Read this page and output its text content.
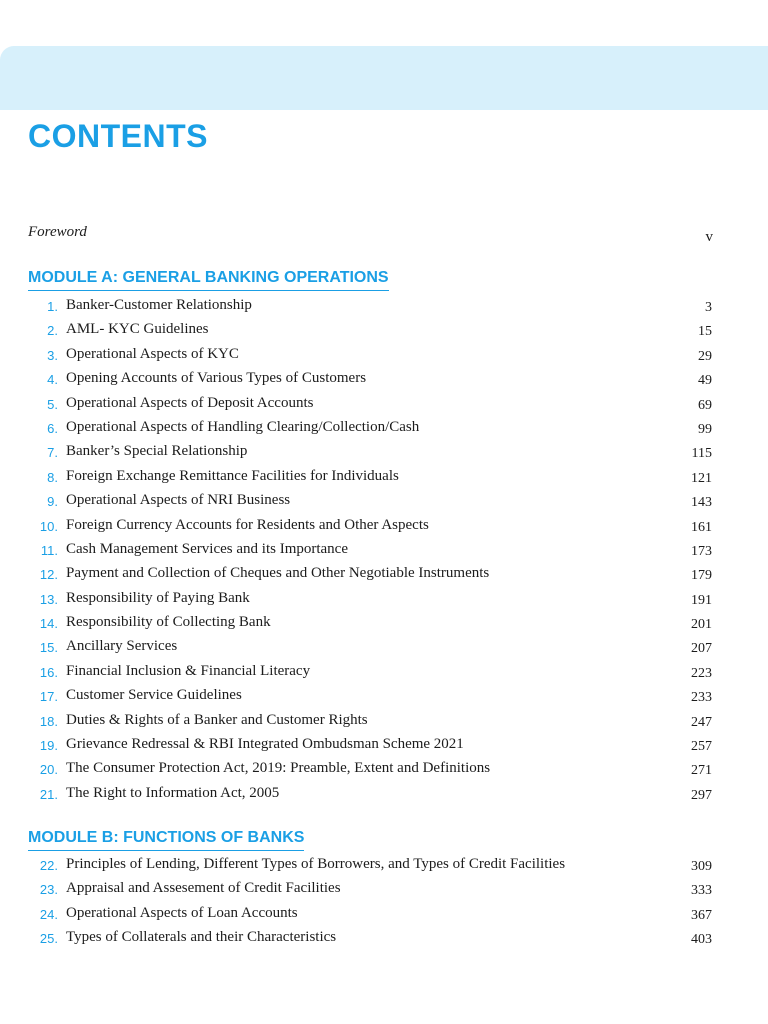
CONTENTS
Foreword	v
MODULE A: GENERAL BANKING OPERATIONS
1. Banker-Customer Relationship	3
2. AML- KYC Guidelines	15
3. Operational Aspects of KYC	29
4. Opening Accounts of Various Types of Customers	49
5. Operational Aspects of Deposit Accounts	69
6. Operational Aspects of Handling Clearing/Collection/Cash	99
7. Banker’s Special Relationship	115
8. Foreign Exchange Remittance Facilities for Individuals	121
9. Operational Aspects of NRI Business	143
10. Foreign Currency Accounts for Residents and Other Aspects	161
11. Cash Management Services and its Importance	173
12. Payment and Collection of Cheques and Other Negotiable Instruments	179
13. Responsibility of Paying Bank	191
14. Responsibility of Collecting Bank	201
15. Ancillary Services	207
16. Financial Inclusion & Financial Literacy	223
17. Customer Service Guidelines	233
18. Duties & Rights of a Banker and Customer Rights	247
19. Grievance Redressal & RBI Integrated Ombudsman Scheme 2021	257
20. The Consumer Protection Act, 2019: Preamble, Extent and Definitions	271
21. The Right to Information Act, 2005	297
MODULE B: FUNCTIONS OF BANKS
22. Principles of Lending, Different Types of Borrowers, and Types of Credit Facilities	309
23. Appraisal and Assesement of Credit Facilities	333
24. Operational Aspects of Loan Accounts	367
25. Types of Collaterals and their Characteristics	403
